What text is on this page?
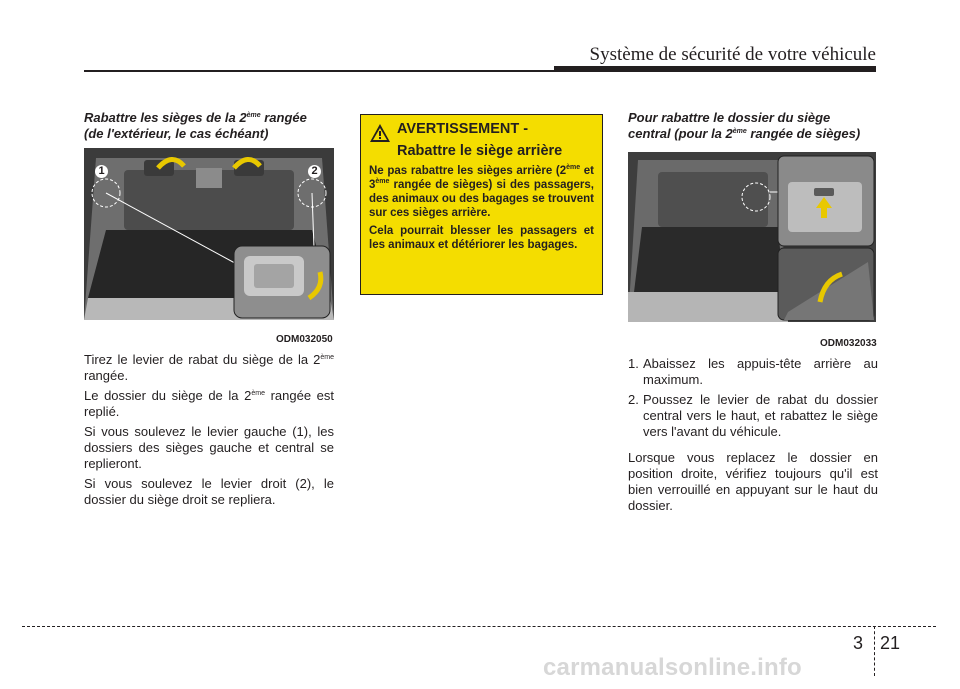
Système de sécurité de votre véhicule
Rabattre les sièges de la 2ème rangée
(de l'extérieur, le cas échéant)
1	2
ODM032050

Tirez le levier de rabat du siège de la 2ème rangée.

Le dossier du siège de la 2ème rangée est replié.

Si vous soulevez le levier gauche (1), les dossiers des sièges gauche et central se replieront.

Si vous soulevez le levier droit (2), le dossier du siège droit se repliera.

AVERTISSEMENT -
Rabattre le siège arrière

Ne pas rabattre les sièges arrière (2ème et 3ème rangée de sièges) si des passagers, des animaux ou des bagages se trouvent sur ces sièges arrière.

Cela pourrait blesser les passagers et les animaux et détériorer les bagages.

Pour rabattre le dossier du siège
central (pour la 2ème rangée de sièges)
ODM032033
1. Abaissez les appuis-tête arrière au maximum.
2. Poussez le levier de rabat du dossier central vers le haut, et rabattez le siège vers l'avant du véhicule.

Lorsque vous replacez le dossier en position droite, vérifiez toujours qu'il est bien verrouillé en appuyant sur le haut du dossier.

3 21
carmanualsonline.info
